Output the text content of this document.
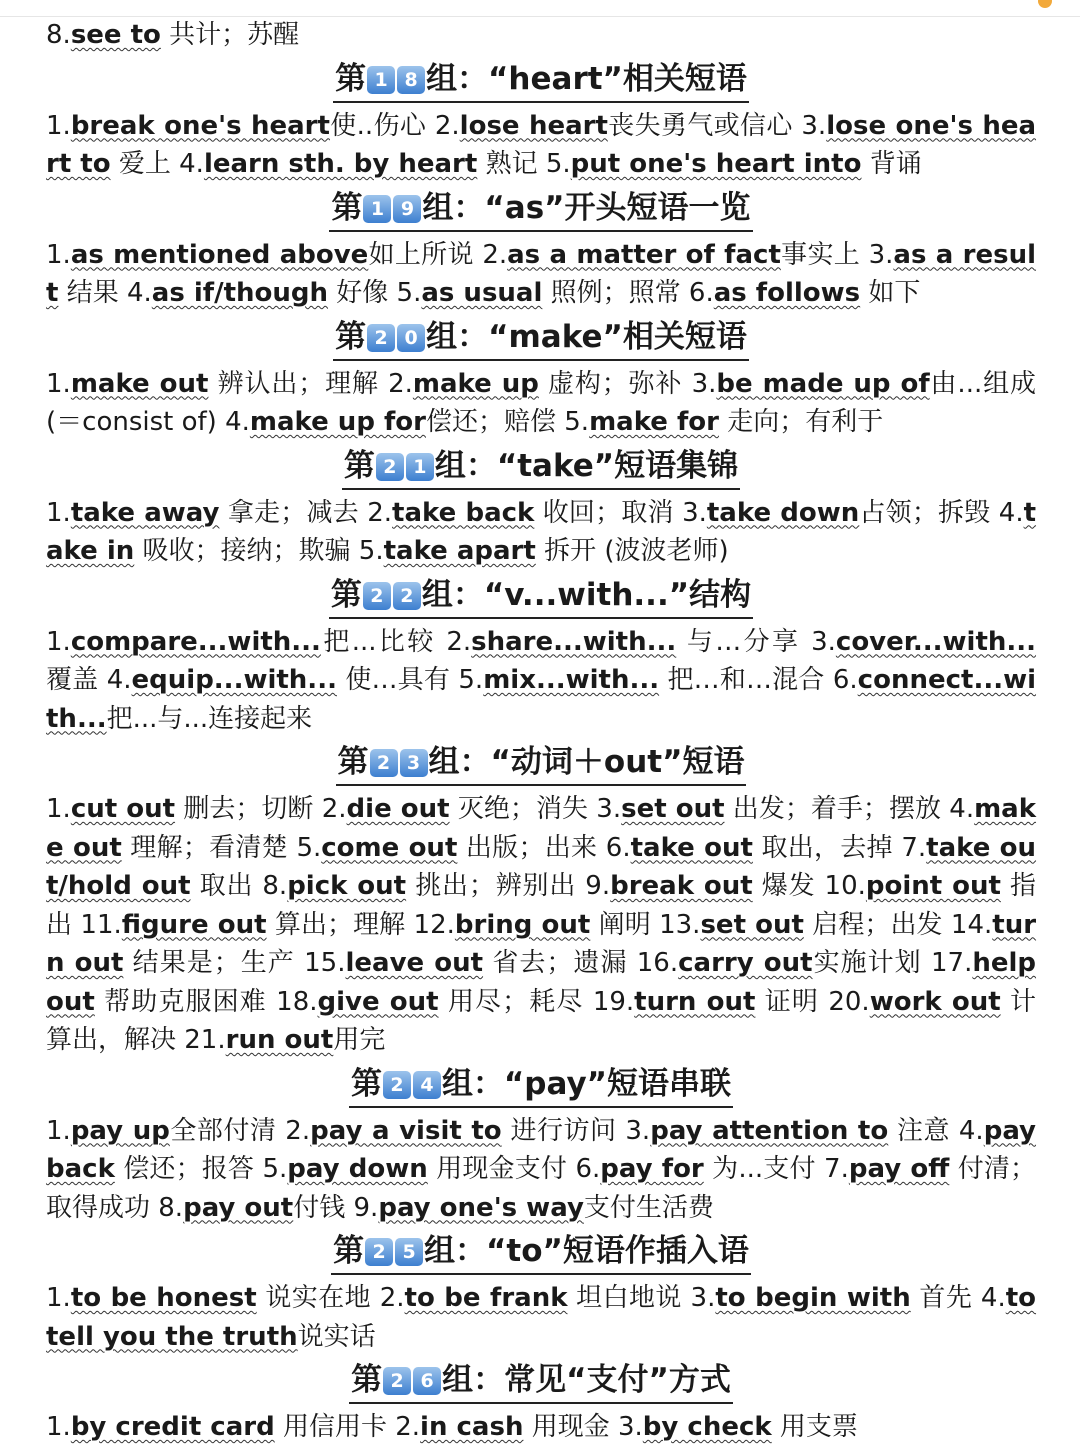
8.see to 共计；苏醒
第 1 8 组：“heart”相关短语
1.break one's heart使..伤心 2.lose heart丧失勇气或信心 3.lose one's heart to 爱上 4.learn sth. by heart 熟记 5.put one's heart into 背诵
第 1 9 组：“as”开头短语一览
1.as mentioned above如上所说 2.as a matter of fact事实上 3.as a result 结果 4.as if/though 好像 5.as usual 照例；照常 6.as follows 如下
第 2 0 组：“make”相关短语
1.make out 辨认出；理解 2.make up 虚构；弥补 3.be made up of由...组成(＝consist of) 4.make up for偿还；赔偿 5.make for 走向；有利于
第 2 1 组：“take”短语集锦
1.take away 拿走；减去 2.take back 收回；取消 3.take down占领；拆毁 4.take in 吸收；接纳；欺骗 5.take apart 拆开 (波波老师)
第 2 2 组：“v...with...”结构
1.compare...with...把...比较 2.share...with... 与…分享 3.cover...with... 覆盖 4.equip...with... 使…具有 5.mix...with... 把…和…混合 6.connect...with...把...与...连接起来
第 2 3 组：“动词＋out”短语
1.cut out 删去；切断 2.die out 灭绝；消失 3.set out 出发；着手；摆放 4.make out 理解；看清楚 5.come out 出版；出来 6.take out 取出，去掉 7.take out/hold out 取出 8.pick out 挑出；辨别出 9.break out 爆发 10.point out 指出 11.figure out 算出；理解 12.bring out 阐明 13.set out 启程；出发 14.turn out 结果是；生产 15.leave out 省去；遗漏 16.carry out实施计划 17.help out 帮助克服困难 18.give out 用尽；耗尽 19.turn out 证明 20.work out 计算出，解决 21.run out用完
第 2 4 组：“pay”短语串联
1.pay up全部付清 2.pay a visit to 进行访问 3.pay attention to 注意 4.pay back 偿还；报答 5.pay down 用现金支付 6.pay for 为...支付 7.pay off 付清；取得成功 8.pay out付钱 9.pay one's way支付生活费
第 2 5 组：“to”短语作插入语
1.to be honest 说实在地 2.to be frank 坦白地说 3.to begin with 首先 4.to tell you the truth说实话
第 2 6 组：常见“支付”方式
1.by credit card 用信用卡 2.in cash 用现金 3.by check 用支票
